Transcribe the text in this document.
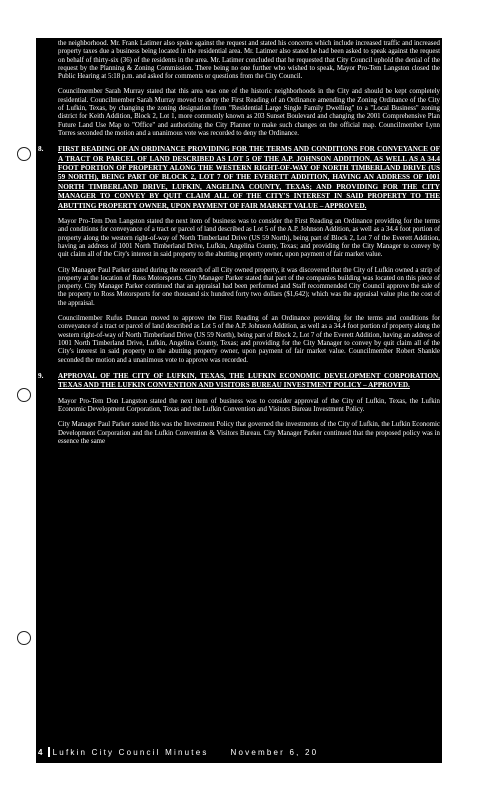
the neighborhood. Mr. Frank Latimer also spoke against the request and stated his concerns which include increased traffic and increased property taxes due a business being located in the residential area. Mr. Latimer also stated he had been asked to speak against the request on behalf of thirty-six (36) of the residents in the area. Mr. Latimer concluded that he requested that City Council uphold the denial of the request by the Planning & Zoning Commission. There being no one further who wished to speak, Mayor Pro-Tem Langston closed the Public Hearing at 5:18 p.m. and asked for comments or questions from the City Council.

Councilmember Sarah Murray stated that this area was one of the historic neighborhoods in the City and should be kept completely residential. Councilmember Sarah Murray moved to deny the First Reading of an Ordinance amending the Zoning Ordinance of the City of Lufkin, Texas, by changing the zoning designation from "Residential Large Single Family Dwelling" to a "Local Business" zoning district for Keith Addition, Block 2, Lot 1, more commonly known as 203 Sunset Boulevard and changing the 2001 Comprehensive Plan Future Land Use Map to "Office" and authorizing the City Planner to make such changes on the official map. Councilmember Lynn Torres seconded the motion and a unanimous vote was recorded to deny the Ordinance.

8. FIRST READING OF AN ORDINANCE PROVIDING FOR THE TERMS AND CONDITIONS FOR CONVEYANCE OF A TRACT OR PARCEL OF LAND DESCRIBED AS LOT 5 OF THE A.P. JOHNSON ADDITION, AS WELL AS A 34.4 FOOT PORTION OF PROPERTY ALONG THE WESTERN RIGHT-OF-WAY OF NORTH TIMBERLAND DRIVE (US 59 NORTH), BEING PART OF BLOCK 2, LOT 7 OF THE EVERETT ADDITION, HAVING AN ADDRESS OF 1001 NORTH TIMBERLAND DRIVE, LUFKIN, ANGELINA COUNTY, TEXAS; AND PROVIDING FOR THE CITY MANAGER TO CONVEY BY QUIT CLAIM ALL OF THE CITY'S INTEREST IN SAID PROPERTY TO THE ABUTTING PROPERTY OWNER, UPON PAYMENT OF FAIR MARKET VALUE – APPROVED.

Mayor Pro-Tem Don Langston stated the next item of business was to consider the First Reading an Ordinance providing for the terms and conditions for conveyance of a tract or parcel of land described as Lot 5 of the A.P. Johnson Addition, as well as a 34.4 foot portion of property along the western right-of-way of North Timberland Drive (US 59 North), being part of Block 2, Lot 7 of the Everett Addition, having an address of 1001 North Timberland Drive, Lufkin, Angelina County, Texas; and providing for the City Manager to convey by quit claim all of the City's interest in said property to the abutting property owner, upon payment of fair market value.

City Manager Paul Parker stated during the research of all City owned property, it was discovered that the City of Lufkin owned a strip of property at the location of Ross Motorsports. City Manager Parker stated that part of the companies building was located on this piece of property. City Manager Parker continued that an appraisal had been performed and Staff recommended City Council approve the sale of the property to Ross Motorsports for one thousand six hundred forty two dollars ($1,642); which was the appraisal value plus the cost of the appraisal.

Councilmember Rufus Duncan moved to approve the First Reading of an Ordinance providing for the terms and conditions for conveyance of a tract or parcel of land described as Lot 5 of the A.P. Johnson Addition, as well as a 34.4 foot portion of property along the western right-of-way of North Timberland Drive (US 59 North), being part of Block 2, Lot 7 of the Everett Addition, having an address of 1001 North Timberland Drive, Lufkin, Angelina County, Texas; and providing for the City Manager to convey by quit claim all of the City's interest in said property to the abutting property owner, upon payment of fair market value. Councilmember Robert Shankle seconded the motion and a unanimous vote to approve was recorded.

9. APPROVAL OF THE CITY OF LUFKIN, TEXAS, THE LUFKIN ECONOMIC DEVELOPMENT CORPORATION, TEXAS AND THE LUFKIN CONVENTION AND VISITORS BUREAU INVESTMENT POLICY – APPROVED.

Mayor Pro-Tem Don Langston stated the next item of business was to consider approval of the City of Lufkin, Texas, the Lufkin Economic Development Corporation, Texas and the Lufkin Convention and Visitors Bureau Investment Policy.

City Manager Paul Parker stated this was the Investment Policy that governed the investments of the City of Lufkin, the Lufkin Economic Development Corporation and the Lufkin Convention & Visitors Bureau. City Manager Parker continued that the proposed policy was in essence the same

4 Lufkin City Council Minutes	November 6, 20
